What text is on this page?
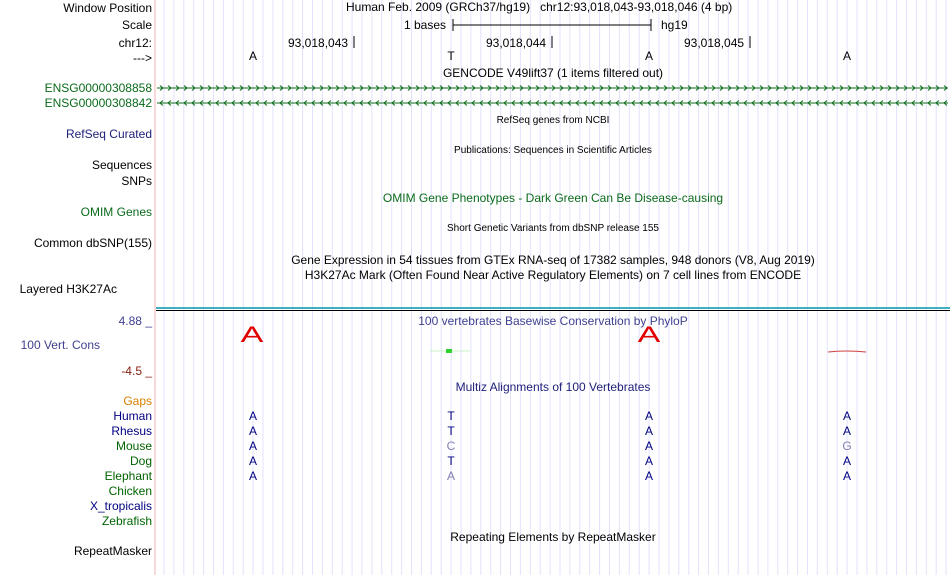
Window Position	Human Feb. 2009 (GRCh37/hg19) chr12:93,018,043-93,018,046 (4 bp)
Scale	1 bases	hg19
chr12:	93,018,043	93,018,044	93,018,045
--->	A	T	A	A
GENCODE V49lift37 (1 items filtered out)
ENSG00000308858
ENSG00000308842
RefSeq genes from NCBI
RefSeq Curated
Publications: Sequences in Scientific Articles
Sequences
SNPs
OMIM Gene Phenotypes - Dark Green Can Be Disease-causing
OMIM Genes
Short Genetic Variants from dbSNP release 155
Common dbSNP(155)
Gene Expression in 54 tissues from GTEx RNA-seq of 17382 samples, 948 donors (V8, Aug 2019)
H3K27Ac Mark (Often Found Near Active Regulatory Elements) on 7 cell lines from ENCODE
Layered H3K27Ac
4.88 _	100 vertebrates Basewise Conservation by PhyloP
100 Vert. Cons	A	A
-4.5 _
Multiz Alignments of 100 Vertebrates
Gaps
Human	A	T	A	A
Rhesus	A	T	A	A
Mouse	A	C	A	G
Dog	A	T	A	A
Elephant	A	A	A	A
Chicken
X_tropicalis
Zebrafish
Repeating Elements by RepeatMasker
RepeatMasker
